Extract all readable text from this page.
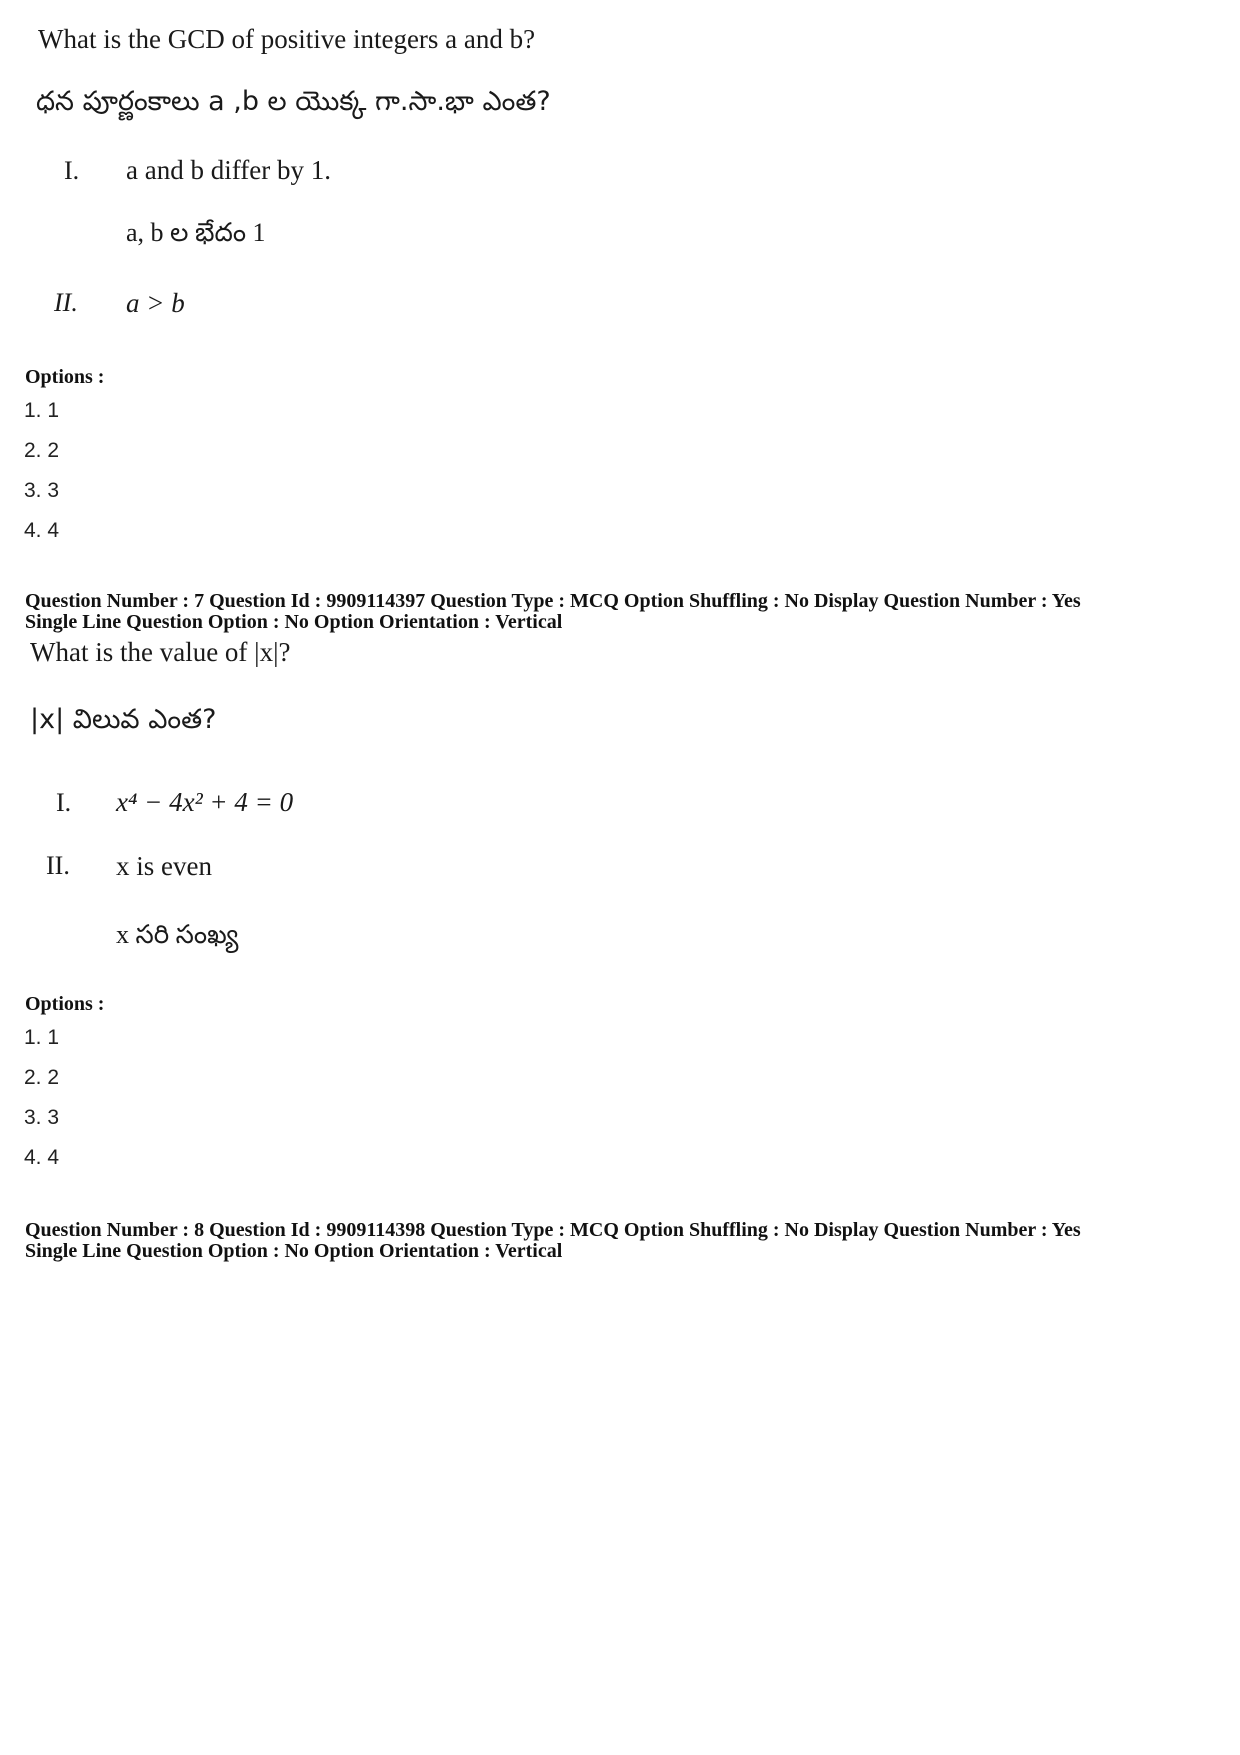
What is the GCD of positive integers a and b?
ధన పూర్ణంకాలు a ,b ల యొక్క గా.సా.భా ఎంత?
I. a and b differ by 1.
a, b ల భేదం 1
II. a > b
Options :
1. 1
2. 2
3. 3
4. 4
Question Number : 7 Question Id : 9909114397 Question Type : MCQ Option Shuffling : No Display Question Number : Yes
Single Line Question Option : No Option Orientation : Vertical
What is the value of |x|?
|x| విలువ ఎంత?
I. x⁴ − 4x² + 4 = 0
II. x is even
x సరి సంఖ్య
Options :
1. 1
2. 2
3. 3
4. 4
Question Number : 8 Question Id : 9909114398 Question Type : MCQ Option Shuffling : No Display Question Number : Yes
Single Line Question Option : No Option Orientation : Vertical
